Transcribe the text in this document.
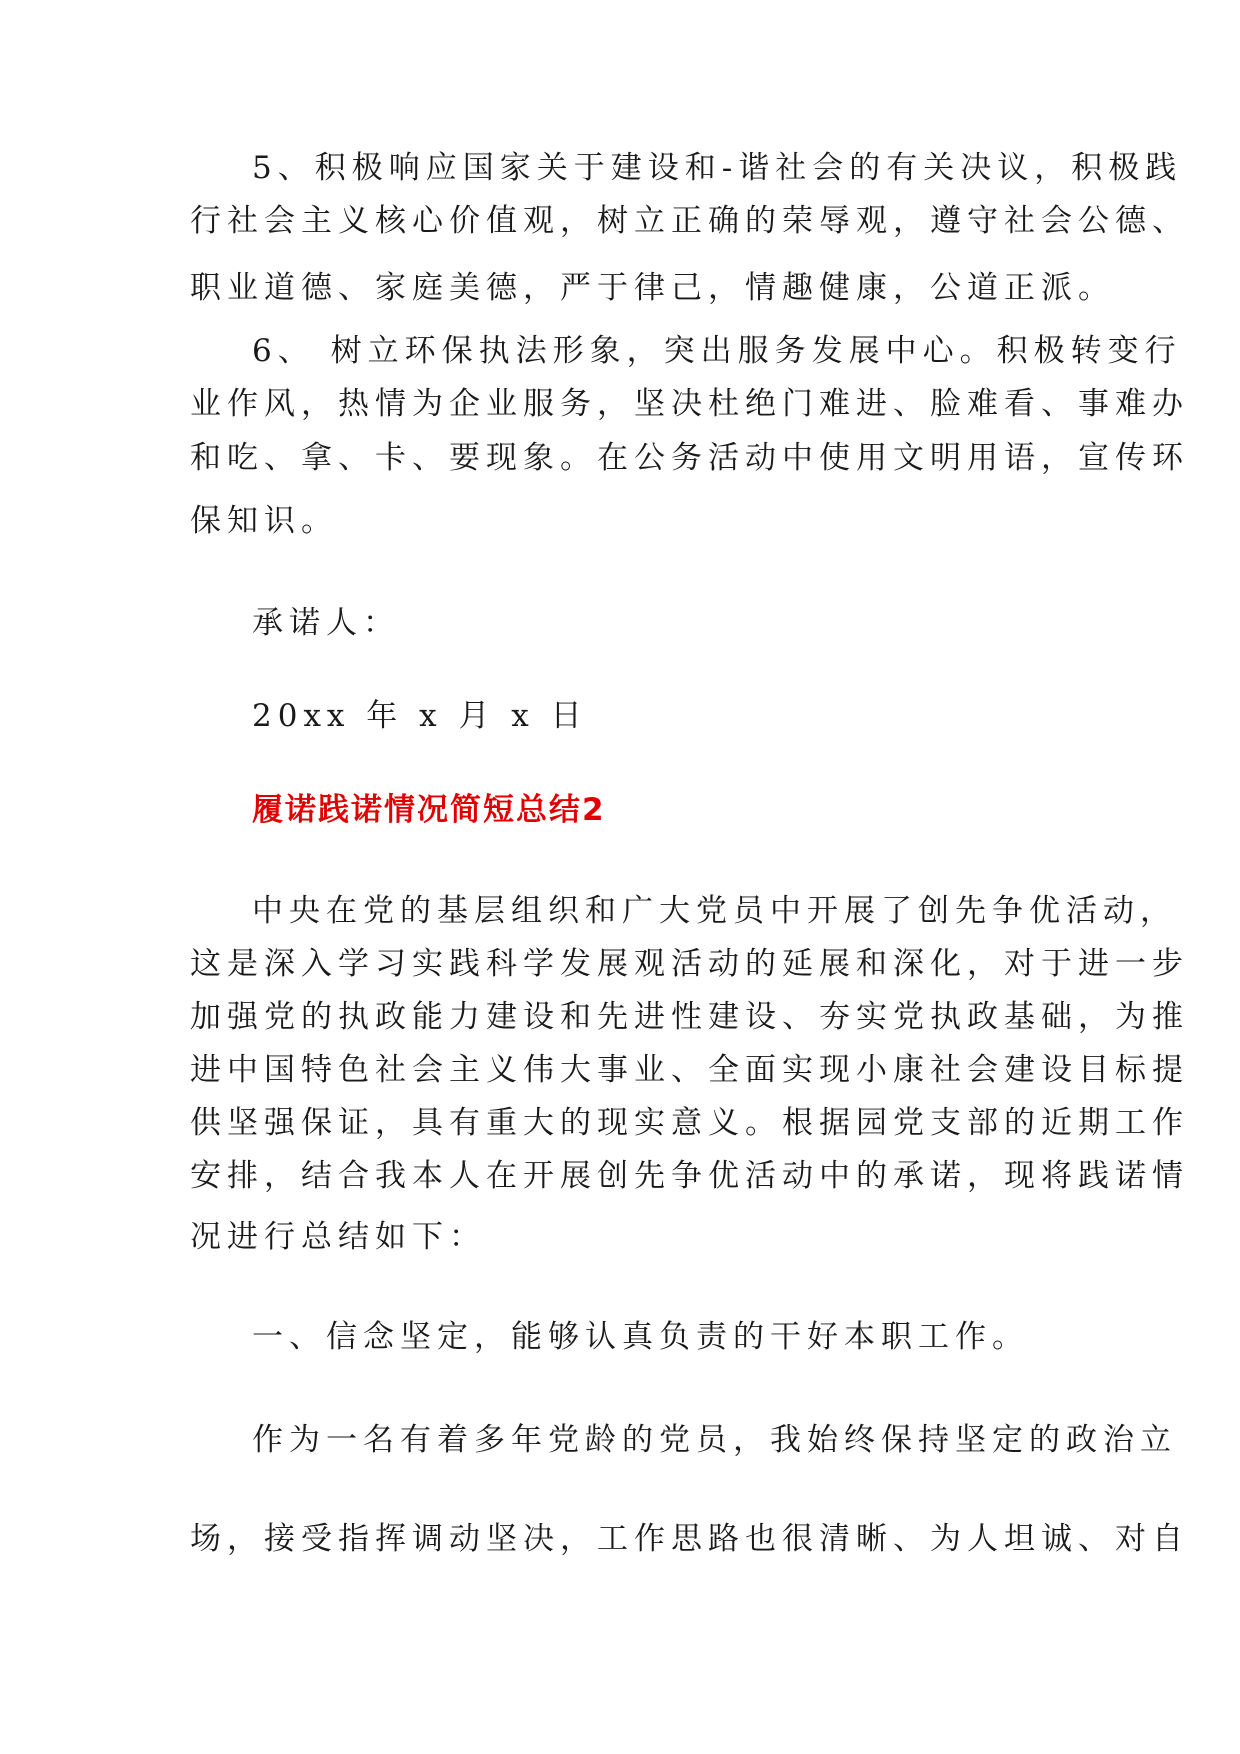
5、积极响应国家关于建设和-谐社会的有关决议，积极践
行社会主义核心价值观，树立正确的荣辱观，遵守社会公德、
职业道德、家庭美德，严于律己，情趣健康，公道正派。
6、 树立环保执法形象，突出服务发展中心。积极转变行
业作风，热情为企业服务，坚决杜绝门难进、脸难看、事难办
和吃、拿、卡、要现象。在公务活动中使用文明用语，宣传环
保知识。
承诺人：
20xx 年 x 月 x 日
履诺践诺情况简短总结2
中央在党的基层组织和广大党员中开展了创先争优活动，
这是深入学习实践科学发展观活动的延展和深化，对于进一步
加强党的执政能力建设和先进性建设、夯实党执政基础，为推
进中国特色社会主义伟大事业、全面实现小康社会建设目标提
供坚强保证，具有重大的现实意义。根据园党支部的近期工作
安排，结合我本人在开展创先争优活动中的承诺，现将践诺情
况进行总结如下：
一、信念坚定，能够认真负责的干好本职工作。
作为一名有着多年党龄的党员，我始终保持坚定的政治立
场，接受指挥调动坚决，工作思路也很清晰、为人坦诚、对自
